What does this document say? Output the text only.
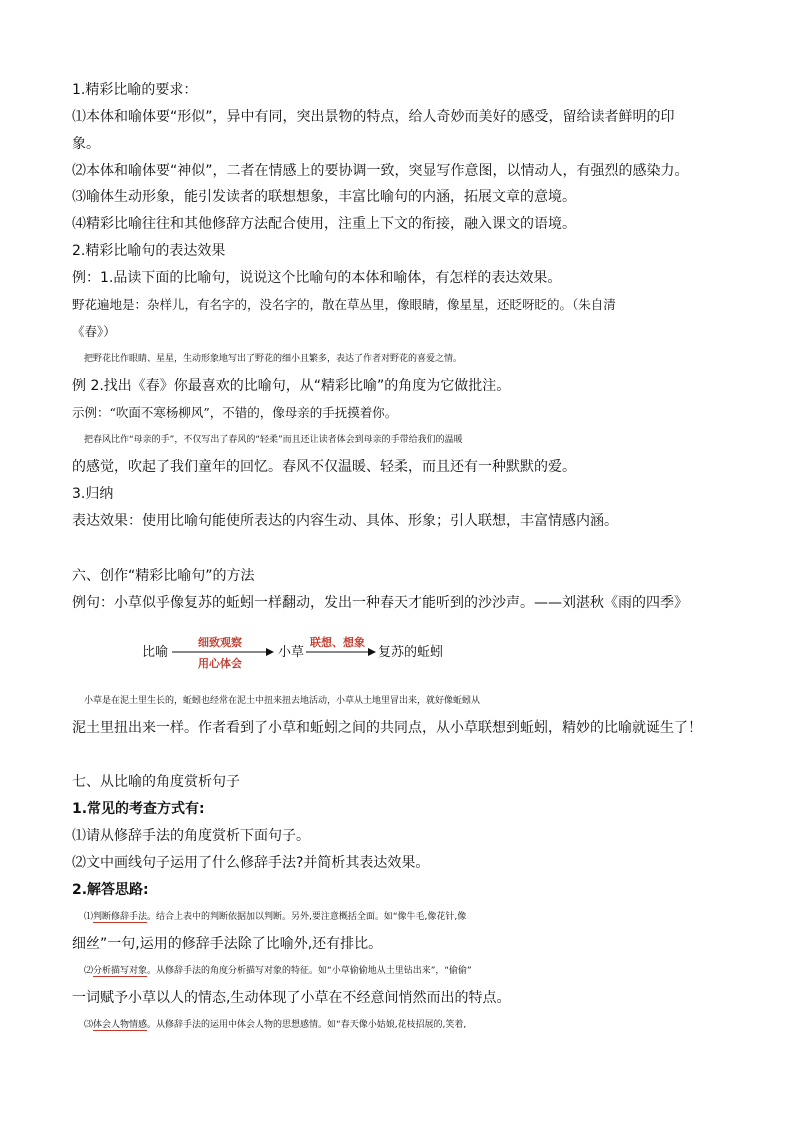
1.精彩比喻的要求：
⑴本体和喻体要“形似”，异中有同，突出景物的特点，给人奇妙而美好的感受，留给读者鲜明的印
象。
⑵本体和喻体要“神似”，二者在情感上的要协调一致，突显写作意图，以情动人，有强烈的感染力。
⑶喻体生动形象，能引发读者的联想想象，丰富比喻句的内涵，拓展文章的意境。
⑷精彩比喻往往和其他修辞方法配合使用，注重上下文的衔接，融入课文的语境。
2.精彩比喻句的表达效果
例：1.品读下面的比喻句，说说这个比喻句的本体和喻体，有怎样的表达效果。
野花遍地是：杂样儿，有名字的，没名字的，散在草丛里，像眼睛，像星星，还眨呀眨的。（朱自清
《春》）
把野花比作眼睛、星星，生动形象地写出了野花的细小且繁多，表达了作者对野花的喜爱之情。
例 2.找出《春》你最喜欢的比喻句，从“精彩比喻”的角度为它做批注。
示例：“吹面不寒杨柳风”，不错的，像母亲的手抚摸着你。
把春风比作“母亲的手”，不仅写出了春风的“轻柔”而且还让读者体会到母亲的手带给我们的温暖
的感觉，吹起了我们童年的回忆。春风不仅温暖、轻柔，而且还有一种默默的爱。
3.归纳
表达效果：使用比喻句能使所表达的内容生动、具体、形象；引人联想，丰富情感内涵。
六、创作“精彩比喻句”的方法
例句：小草似乎像复苏的蚯蚓一样翻动，发出一种春天才能听到的沙沙声。——刘湛秋《雨的四季》
比喻
细致观察
用心体会
小草
联想、想象
复苏的蚯蚓
小草是在泥土里生长的，蚯蚓也经常在泥土中扭来扭去地活动，小草从土地里冒出来，就好像蚯蚓从
泥土里扭出来一样。作者看到了小草和蚯蚓之间的共同点，从小草联想到蚯蚓，精妙的比喻就诞生了！
七、从比喻的角度赏析句子
1.常见的考查方式有:
⑴请从修辞手法的角度赏析下面句子。
⑵文中画线句子运用了什么修辞手法?并简析其表达效果。
2.解答思路:
⑴判断修辞手法。结合上表中的判断依据加以判断。另外,要注意概括全面。如“像牛毛,像花针,像
细丝”一句,运用的修辞手法除了比喻外,还有排比。
⑵分析描写对象。从修辞手法的角度分析描写对象的特征。如“小草偷偷地从土里钻出来”，“偷偷”
一词赋予小草以人的情态,生动体现了小草在不经意间悄然而出的特点。
⑶体会人物情感。从修辞手法的运用中体会人物的思想感情。如“春天像小姑娘,花枝招展的,笑着,
